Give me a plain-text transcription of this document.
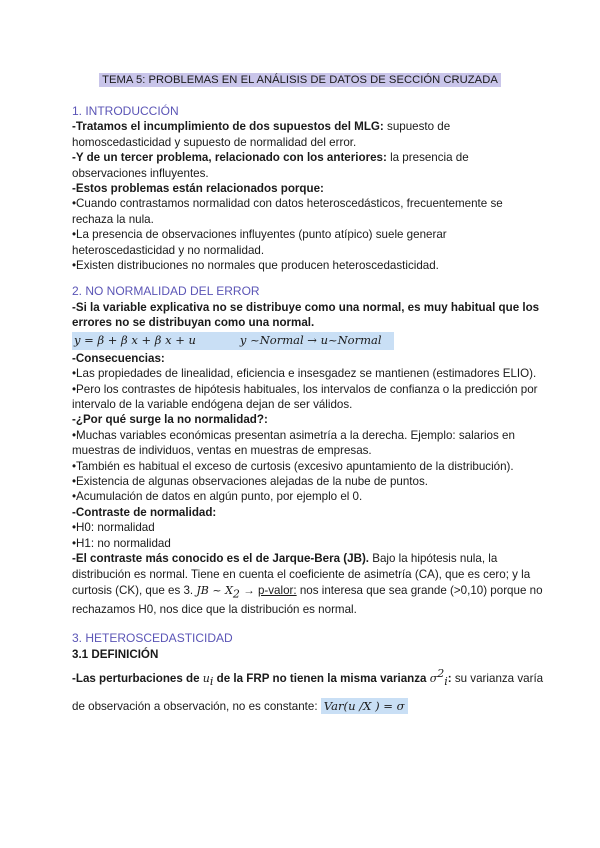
TEMA 5: PROBLEMAS EN EL ANÁLISIS DE DATOS DE SECCIÓN CRUZADA

1. INTRODUCCIÓN

-Tratamos el incumplimiento de dos supuestos del MLG: supuesto de homoscedasticidad y supuesto de normalidad del error.

-Y de un tercer problema, relacionado con los anteriores: la presencia de observaciones influyentes.

-Estos problemas están relacionados porque:

•Cuando contrastamos normalidad con datos heteroscedásticos, frecuentemente se rechaza la nula.

•La presencia de observaciones influyentes (punto atípico) suele generar heteroscedasticidad y no normalidad.

•Existen distribuciones no normales que producen heteroscedasticidad.

2. NO NORMALIDAD DEL ERROR

-Si la variable explicativa no se distribuye como una normal, es muy habitual que los errores no se distribuyan como una normal.

y = β + β x + β x + u	y ~Normal → u~Normal

-Consecuencias:

•Las propiedades de linealidad, eficiencia e insesgadez se mantienen (estimadores ELIO).

•Pero los contrastes de hipótesis habituales, los intervalos de confianza o la predicción por intervalo de la variable endógena dejan de ser válidos.

-¿Por qué surge la no normalidad?:

•Muchas variables económicas presentan asimetría a la derecha. Ejemplo: salarios en muestras de individuos, ventas en muestras de empresas.

•También es habitual el exceso de curtosis (excesivo apuntamiento de la distribución).

•Existencia de algunas observaciones alejadas de la nube de puntos.

•Acumulación de datos en algún punto, por ejemplo el 0.

-Contraste de normalidad:

•H0: normalidad

•H1: no normalidad

-El contraste más conocido es el de Jarque-Bera (JB). Bajo la hipótesis nula, la distribución es normal. Tiene en cuenta el coeficiente de asimetría (CA), que es cero; y la curtosis (CK), que es 3. JB ~ $X_2$ → p-valor: nos interesa que sea grande (>0,10) porque no rechazamos H0, nos dice que la distribución es normal.

3. HETEROSCEDASTICIDAD

3.1 DEFINICIÓN

-Las perturbaciones de $u_i$ de la FRP no tienen la misma varianza $\sigma^2_i$: su varianza varía de observación a observación, no es constante: Var(u /X ) = σ
